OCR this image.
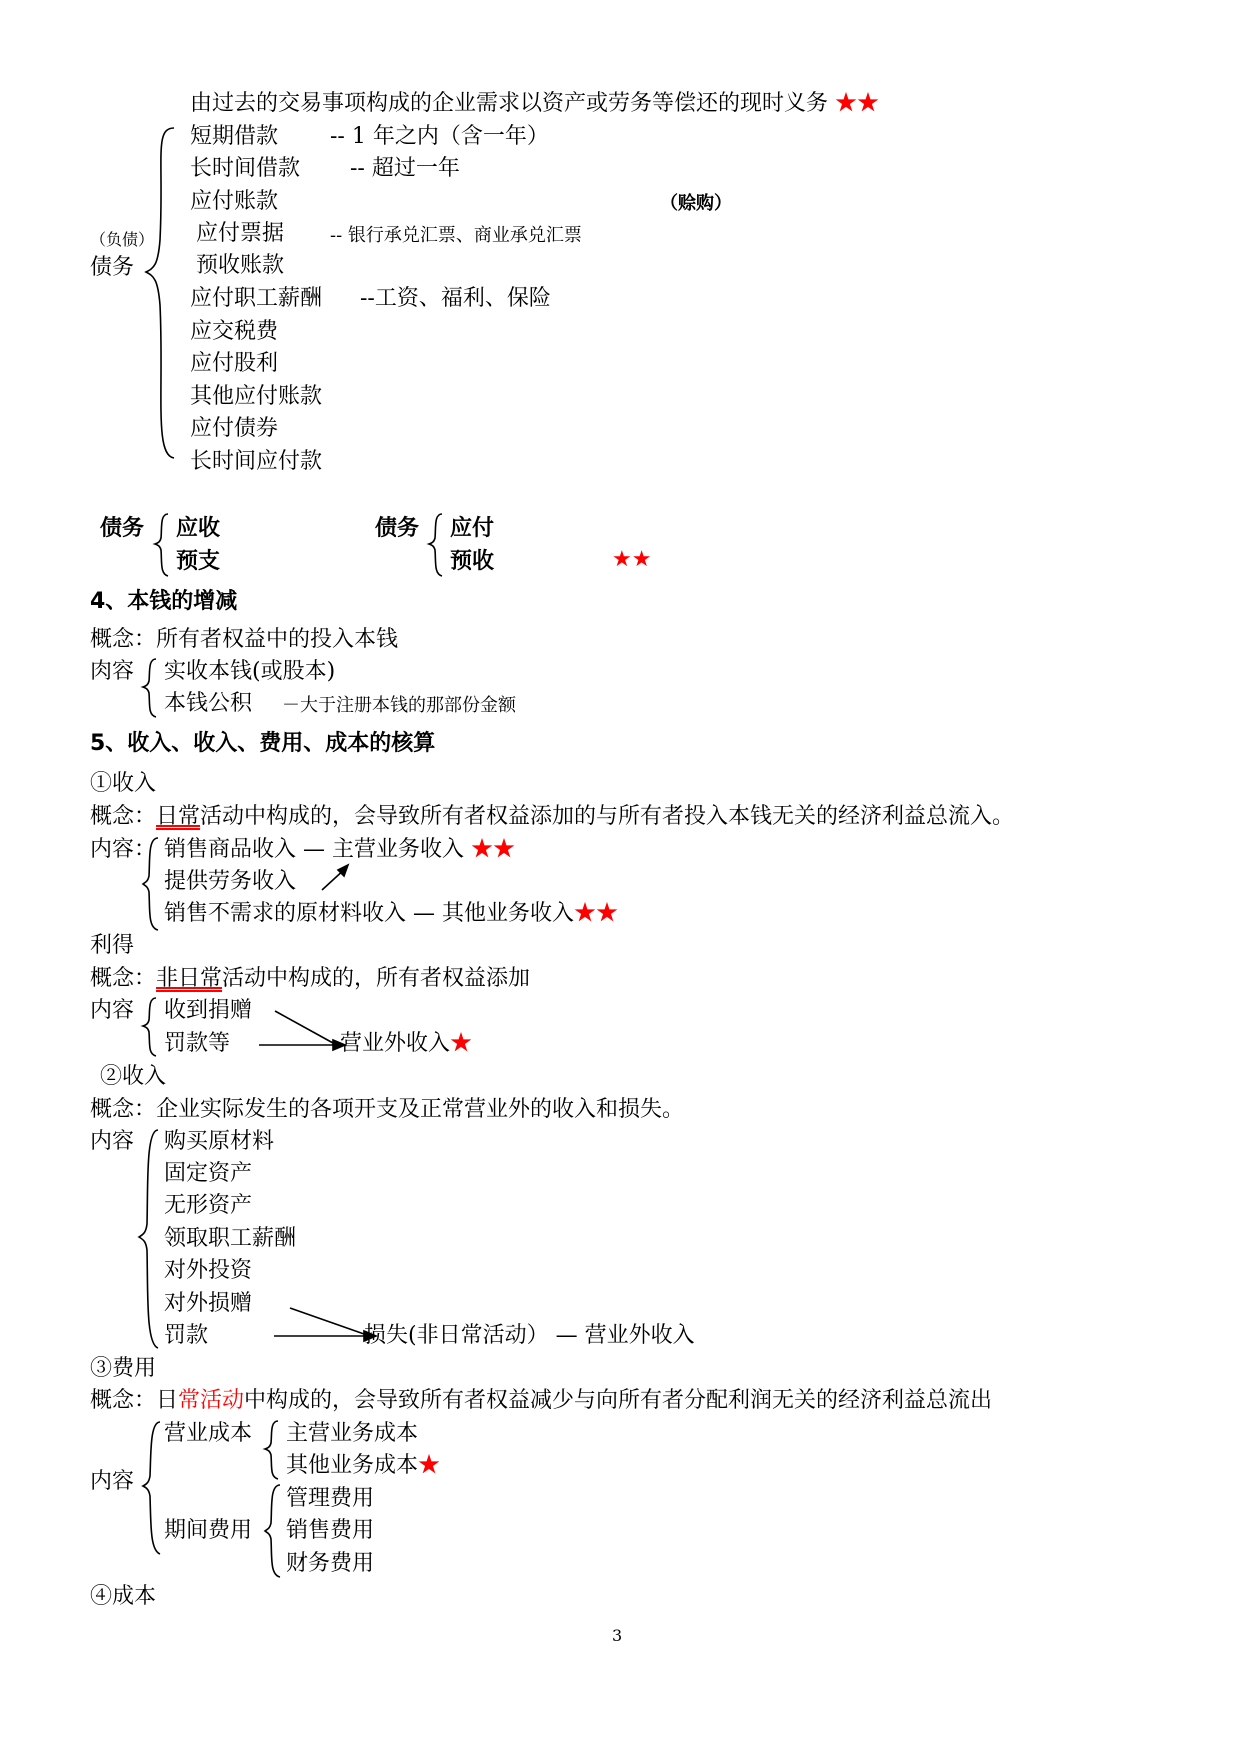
由过去的交易事项构成的企业需求以资产或劳务等偿还的现时义务 ★★
（负债）
债务
短期借款 -- 1 年之内（含一年）
长时间借款 -- 超过一年
应付账款	（赊购）
应付票据	-- 银行承兑汇票、商业承兑汇票
预收账款
应付职工薪酬 --工资、福利、保险
应交税费
应付股利
其他应付账款
应付债券
长时间应付款
债务 应收
预支
债务 应付
预收	★★
4、本钱的增减
概念：所有者权益中的投入本钱
肉容 实收本钱(或股本)
本钱公积 －大于注册本钱的那部份金额
5、收入、收入、费用、成本的核算
①收入
概念：日常活动中构成的，会导致所有者权益添加的与所有者投入本钱无关的经济利益总流入。
内容： 销售商品收入 — 主营业务收入 ★★
提供劳务收入
销售不需求的原材料收入 — 其他业务收入★★
利得
概念：非日常活动中构成的，所有者权益添加
内容 收到捐赠
罚款等	营业外收入★
②收入
概念：企业实际发生的各项开支及正常营业外的收入和损失。
内容 购买原材料
固定资产
无形资产
领取职工薪酬
对外投资
对外损赠
罚款	损失(非日常活动） — 营业外收入
③费用
概念：日常活动中构成的，会导致所有者权益减少与向所有者分配利润无关的经济利益总流出
内容
营业成本 主营业务成本
其他业务成本★
期间费用
管理费用
销售费用
财务费用
④成本
3
